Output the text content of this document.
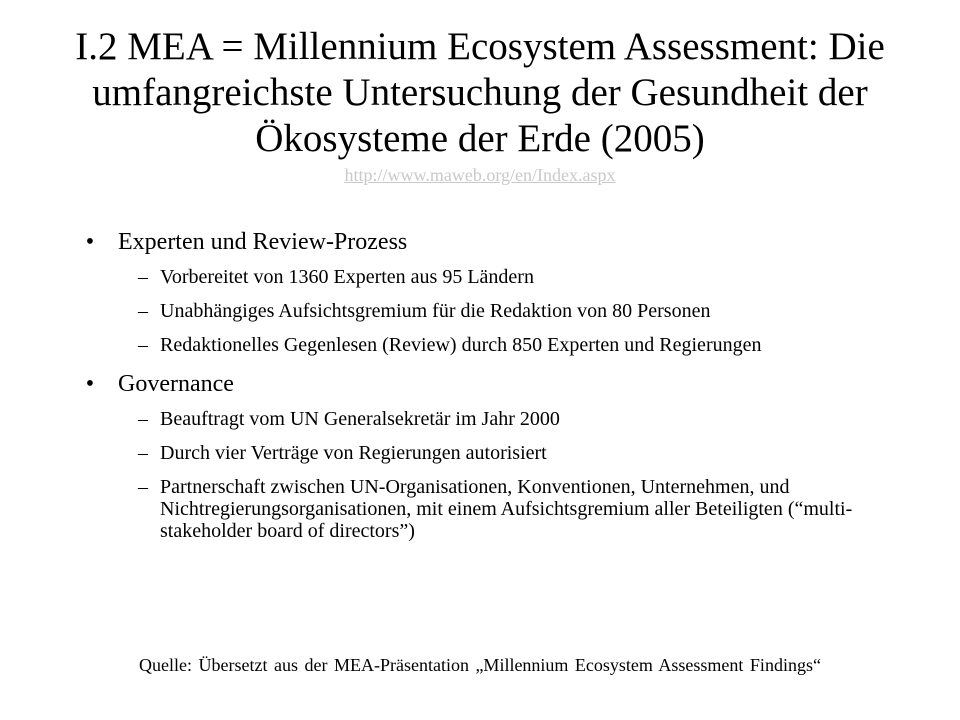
I.2 MEA = Millennium Ecosystem Assessment: Die
umfangreichste Untersuchung der Gesundheit der
Ökosysteme der Erde (2005)
http://www.maweb.org/en/Index.aspx
• Experten und Review-Prozess
– Vorbereitet von 1360 Experten aus 95 Ländern
– Unabhängiges Aufsichtsgremium für die Redaktion von 80 Personen
– Redaktionelles Gegenlesen (Review) durch 850 Experten und Regierungen
• Governance
– Beauftragt vom UN Generalsekretär im Jahr 2000
– Durch vier Verträge von Regierungen autorisiert
– Partnerschaft zwischen UN-Organisationen, Konventionen, Unternehmen, und Nichtregierungsorganisationen, mit einem Aufsichtsgremium aller Beteiligten (“multi-stakeholder board of directors”)
Quelle: Übersetzt aus der MEA-Präsentation „Millennium Ecosystem Assessment Findings“
